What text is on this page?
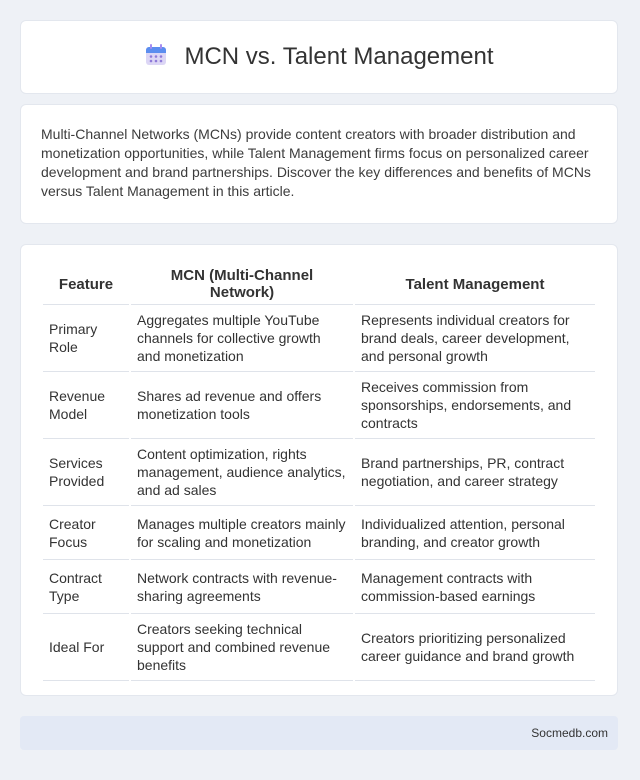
MCN vs. Talent Management

Multi-Channel Networks (MCNs) provide content creators with broader distribution and monetization opportunities, while Talent Management firms focus on personalized career development and brand partnerships. Discover the key differences and benefits of MCNs versus Talent Management in this article.

Feature	MCN (Multi-Channel Network)	Talent Management
Primary Role	Aggregates multiple YouTube channels for collective growth and monetization	Represents individual creators for brand deals, career development, and personal growth
Revenue Model	Shares ad revenue and offers monetization tools	Receives commission from sponsorships, endorsements, and contracts
Services Provided	Content optimization, rights management, audience analytics, and ad sales	Brand partnerships, PR, contract negotiation, and career strategy
Creator Focus	Manages multiple creators mainly for scaling and monetization	Individualized attention, personal branding, and creator growth
Contract Type	Network contracts with revenue-sharing agreements	Management contracts with commission-based earnings
Ideal For	Creators seeking technical support and combined revenue benefits	Creators prioritizing personalized career guidance and brand growth
Socmedb.com
